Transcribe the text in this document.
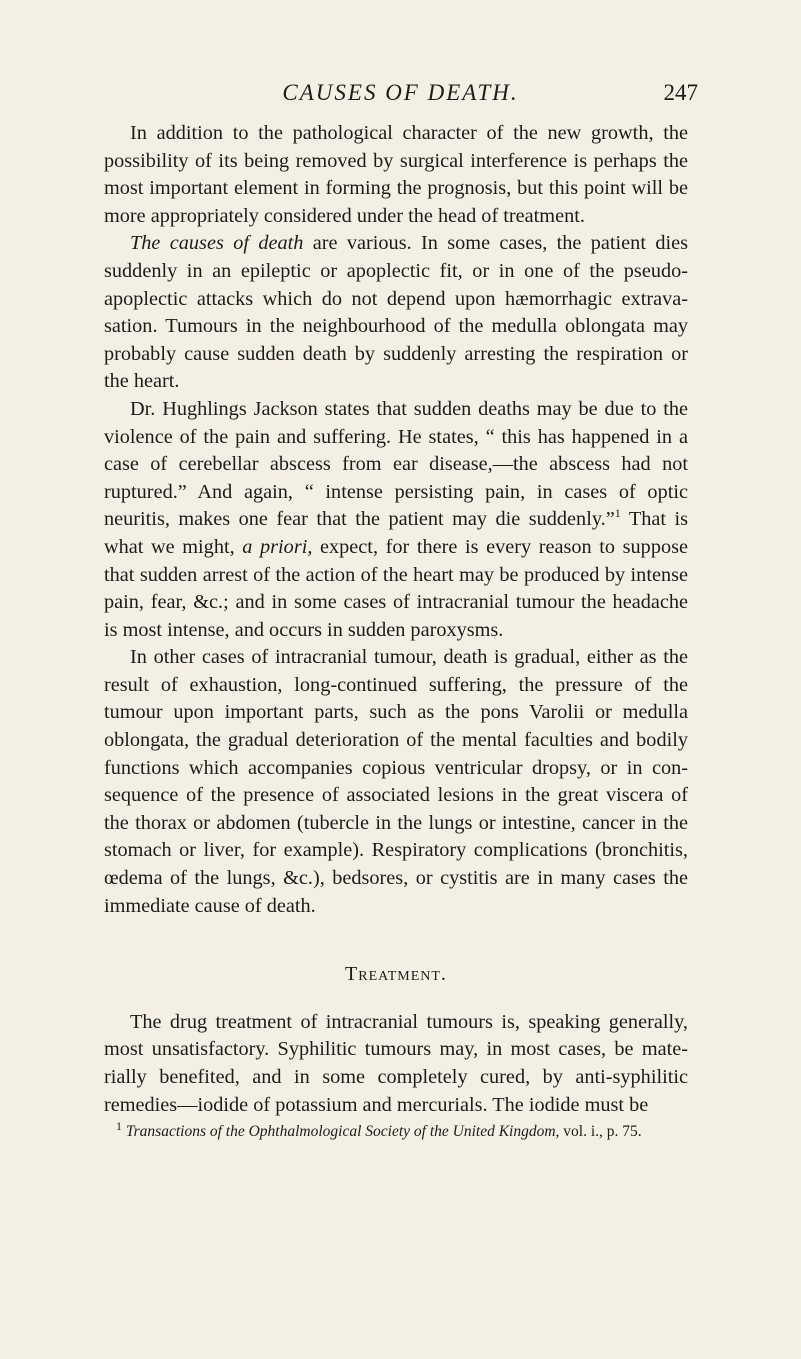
CAUSES OF DEATH.	247

In addition to the pathological character of the new growth, the possibility of its being removed by surgical interference is perhaps the most important element in forming the prognosis, but this point will be more appropriately considered under the head of treatment.

The causes of death are various. In some cases, the patient dies suddenly in an epileptic or apoplectic fit, or in one of the pseudo-apoplectic attacks which do not depend upon hæmorrhagic extrava-sation. Tumours in the neighbourhood of the medulla oblongata may probably cause sudden death by suddenly arresting the respiration or the heart.

Dr. Hughlings Jackson states that sudden deaths may be due to the violence of the pain and suffering. He states, “ this has happened in a case of cerebellar abscess from ear disease,—the abscess had not ruptured.” And again, “ intense persisting pain, in cases of optic neuritis, makes one fear that the patient may die suddenly.”$^1$ That is what we might, a priori, expect, for there is every reason to suppose that sudden arrest of the action of the heart may be produced by intense pain, fear, &c.; and in some cases of intracranial tumour the headache is most intense, and occurs in sudden paroxysms.

In other cases of intracranial tumour, death is gradual, either as the result of exhaustion, long-continued suffering, the pressure of the tumour upon important parts, such as the pons Varolii or medulla oblongata, the gradual deterioration of the mental faculties and bodily functions which accompanies copious ventricular dropsy, or in con-sequence of the presence of associated lesions in the great viscera of the thorax or abdomen (tubercle in the lungs or intestine, cancer in the stomach or liver, for example). Respiratory complications (bronchitis, œdema of the lungs, &c.), bedsores, or cystitis are in many cases the immediate cause of death.

Treatment.

The drug treatment of intracranial tumours is, speaking generally, most unsatisfactory. Syphilitic tumours may, in most cases, be mate-rially benefited, and in some completely cured, by anti-syphilitic remedies—iodide of potassium and mercurials. The iodide must be

$^1$ Transactions of the Ophthalmological Society of the United Kingdom, vol. i., p. 75.
